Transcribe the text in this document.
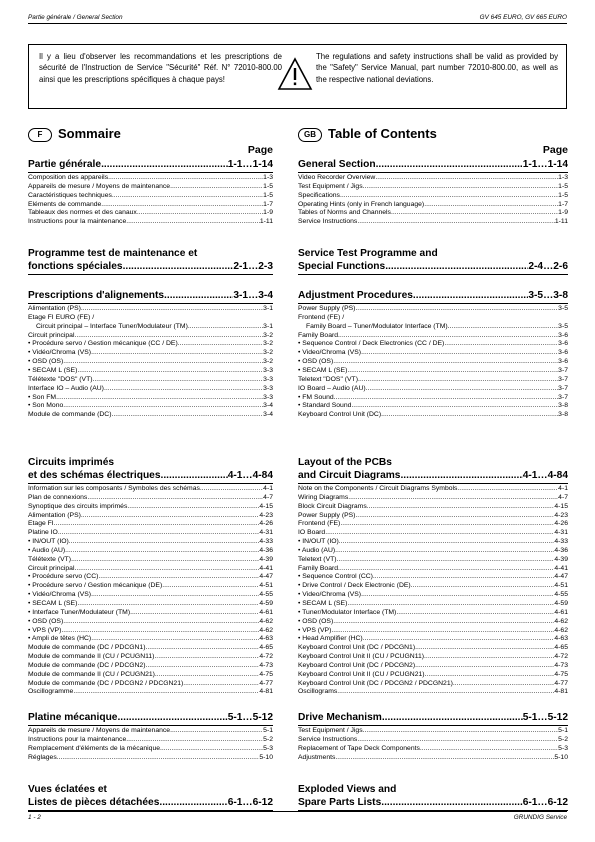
Partie générale / General Section	GV 645 EURO, GV 665 EURO
Il y a lieu d'observer les recommandations et les prescriptions de sécurité de l'Instruction de Service "Sécurité" Réf. N° 72010-800.00 ainsi que les prescriptions spécifiques à chaque pays!
The regulations and safety instructions shall be valid as provided by the "Safety" Service Manual, part number 72010-800.00, as well as the respective national deviations.
F	Sommaire
Page
Partie générale .....	1-1…1-14
Composition des appareils .....	1-3
Appareils de mesure / Moyens de maintenance .....	1-5
Caractéristiques techniques .....	1-5
Eléments de commande .....	1-7
Tableaux des normes et des canaux .....	1-9
Instructions pour la maintenance .....	1-11
Programme test de maintenance et
fonctions spéciales .....	2-1…2-3
Prescriptions d'alignements .....	3-1…3-4
Alimentation (PS) .....	3-1
Etage FI EURO (FE) /
Circuit principal – Interface Tuner/Modulateur (TM) .....	3-1
Circuit principal .....	3-2
• Procédure servo / Gestion mécanique (CC / DE) .....	3-2
• Vidéo/Chroma (VS) .....	3-2
• OSD (OS) .....	3-2
• SECAM L (SE) .....	3-3
Télétexte "DOS" (VT) .....	3-3
Interface IO – Audio (AU) .....	3-3
• Son FM .....	3-3
• Son Mono .....	3-4
Module de commande (DC) .....	3-4
Circuits imprimés
et des schémas électriques .....	4-1…4-84
Information sur les composants / Symboles des schémas .....	4-1
Plan de connexions .....	4-7
Synoptique des circuits imprimés .....	4-15
Alimentation (PS) .....	4-23
Etage FI .....	4-26
Platine IO .....	4-31
• IN/OUT (IO) .....	4-33
• Audio (AU) .....	4-36
Télétexte (VT) .....	4-39
Circuit principal .....	4-41
• Procédure servo (CC) .....	4-47
• Procédure servo / Gestion mécanique (DE) .....	4-51
• Vidéo/Chroma (VS) .....	4-55
• SECAM L (SE) .....	4-59
• Interface Tuner/Modulateur (TM) .....	4-61
• OSD (OS) .....	4-62
• VPS (VP) .....	4-62
• Ampli de têtes (HC) .....	4-63
Module de commande (DC / PDCGN1) .....	4-65
Module de commande II (CU / PCUGN11) .....	4-72
Module de commande (DC / PDCGN2) .....	4-73
Module de commande II (CU / PCUGN21) .....	4-75
Module de commande (DC / PDCGN2 / PDCGN21) .....	4-77
Oscillogramme .....	4-81
Platine mécanique .....	5-1…5-12
Appareils de mesure / Moyens de maintenance .....	5-1
Instructions pour la maintenance .....	5-2
Remplacement d'éléments de la mécanique .....	5-3
Réglages .....	5-10
Vues éclatées et
Listes de pièces détachées .....	6-1…6-12
GB Table of Contents
Page
General Section .....	1-1…1-14
Video Recorder Overview .....	1-3
Test Equipment / Jigs .....	1-5
Specifications .....	1-5
Operating Hints (only in French language) .....	1-7
Tables of Norms and Channels .....	1-9
Service Instructions .....	1-11
Service Test Programme and
Special Functions .....	2-4…2-6
Adjustment Procedures .....	3-5…3-8
Power Supply (PS) .....	3-5
Frontend (FE) /
Family Board – Tuner/Modulator Interface (TM) .....	3-5
Family Board .....	3-6
• Sequence Control / Deck Electronics (CC / DE) .....	3-6
• Video/Chroma (VS) .....	3-6
• OSD (OS) .....	3-6
• SECAM L (SE) .....	3-7
Teletext "DOS" (VT) .....	3-7
IO Board – Audio (AU) .....	3-7
• FM Sound .....	3-7
• Standard Sound .....	3-8
Keyboard Control Unit (DC) .....	3-8
Layout of the PCBs
and Circuit Diagrams .....	4-1…4-84
Note on the Components / Circuit Diagrams Symbols .....	4-1
Wiring Diagrams .....	4-7
Block Circuit Diagrams .....	4-15
Power Supply (PS) .....	4-23
Frontend (FE) .....	4-26
IO Board .....	4-31
• IN/OUT (IO) .....	4-33
• Audio (AU) .....	4-36
Teletext (VT) .....	4-39
Family Board .....	4-41
• Sequence Control (CC) .....	4-47
• Drive Control / Deck Electronic (DE) .....	4-51
• Video/Chroma (VS) .....	4-55
• SECAM L (SE) .....	4-59
• Tuner/Modulator Interface (TM) .....	4-61
• OSD (OS) .....	4-62
• VPS (VP) .....	4-62
• Head Amplifier (HC) .....	4-63
Keyboard Control Unit (DC / PDCGN1) .....	4-65
Keyboard Control Unit II (CU / PCUGN11) .....	4-72
Keyboard Control Unit (DC / PDCGN2) .....	4-73
Keyboard Control Unit II (CU / PCUGN21) .....	4-75
Keyboard Control Unit (DC / PDCGN2 / PDCGN21) .....	4-77
Oscillograms .....	4-81
Drive Mechanism .....	5-1…5-12
Test Equipment / Jigs .....	5-1
Service Instructions .....	5-2
Replacement of Tape Deck Components .....	5-3
Adjustments .....	5-10
Exploded Views and
Spare Parts Lists .....	6-1…6-12
1 - 2	GRUNDIG Service
